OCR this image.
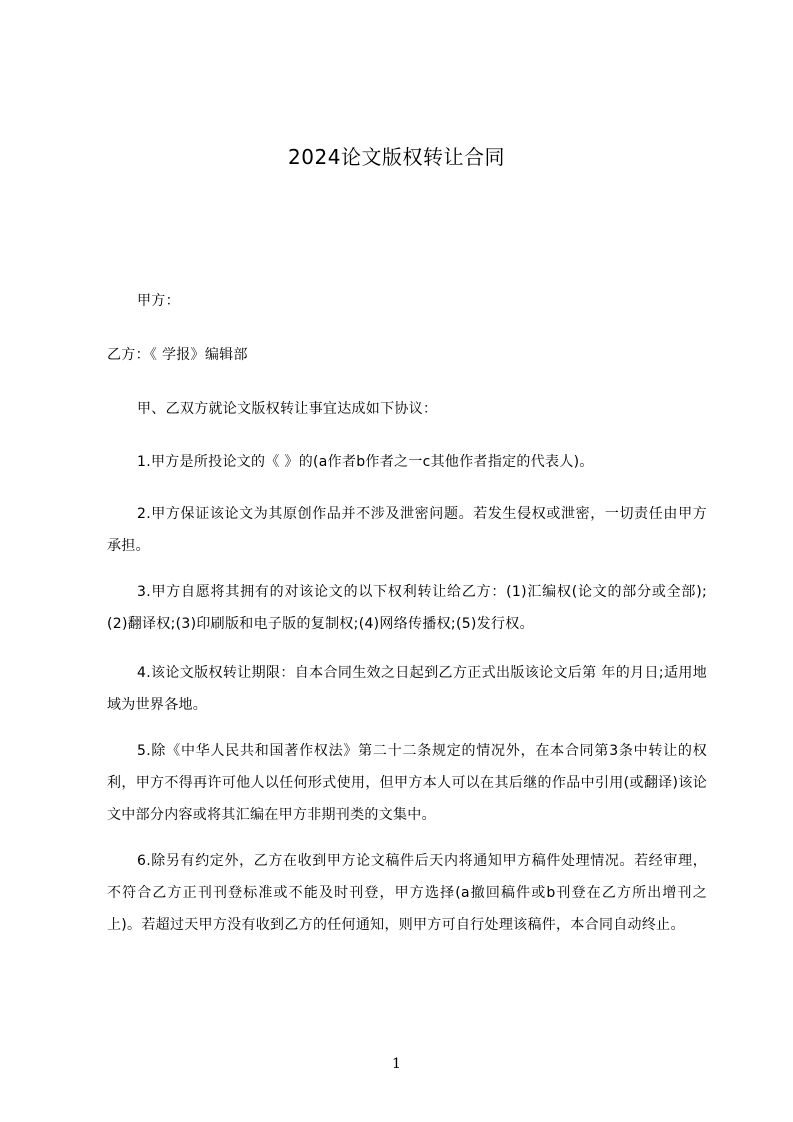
2024论文版权转让合同
甲方：
乙方：《 学报》编辑部
甲、乙双方就论文版权转让事宜达成如下协议：
1.甲方是所投论文的《 》的(a作者b作者之一c其他作者指定的代表人)。
2.甲方保证该论文为其原创作品并不涉及泄密问题。若发生侵权或泄密，一切责任由甲方承担。
3.甲方自愿将其拥有的对该论文的以下权利转让给乙方：(1)汇编权(论文的部分或全部);(2)翻译权;(3)印刷版和电子版的复制权;(4)网络传播权;(5)发行权。
4.该论文版权转让期限：自本合同生效之日起到乙方正式出版该论文后第 年的月日;适用地域为世界各地。
5.除《中华人民共和国著作权法》第二十二条规定的情况外，在本合同第3条中转让的权利，甲方不得再许可他人以任何形式使用，但甲方本人可以在其后继的作品中引用(或翻译)该论文中部分内容或将其汇编在甲方非期刊类的文集中。
6.除另有约定外，乙方在收到甲方论文稿件后天内将通知甲方稿件处理情况。若经审理，不符合乙方正刊刊登标准或不能及时刊登，甲方选择(a撤回稿件或b刊登在乙方所出增刊之上)。若超过天甲方没有收到乙方的任何通知，则甲方可自行处理该稿件，本合同自动终止。
1
